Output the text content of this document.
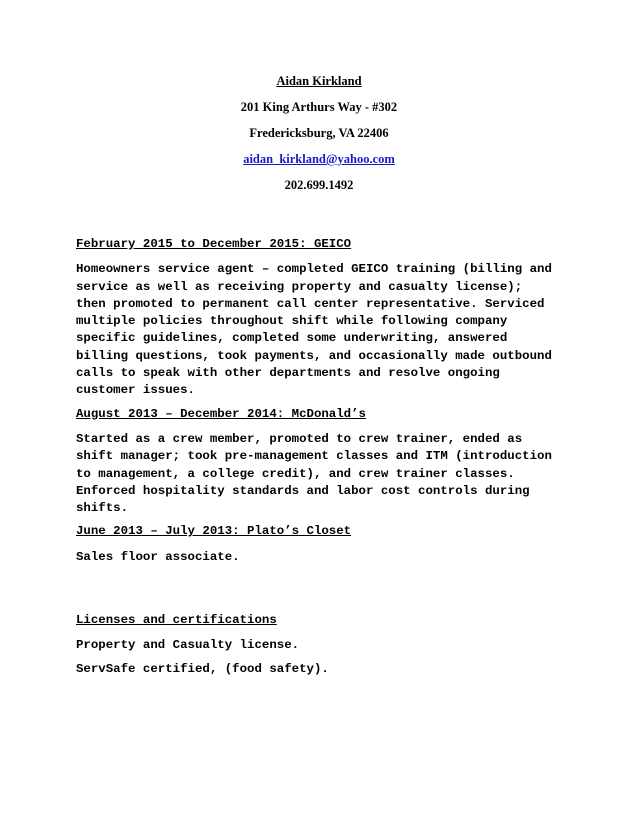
Aidan Kirkland
201 King Arthurs Way - #302
Fredericksburg, VA 22406
aidan_kirkland@yahoo.com
202.699.1492
February 2015 to December 2015: GEICO
Homeowners service agent – completed GEICO training (billing and
service as well as receiving property and casualty license);
then promoted to permanent call center representative. Serviced
multiple policies throughout shift while following company
specific guidelines, completed some underwriting, answered
billing questions, took payments, and occasionally made outbound
calls to speak with other departments and resolve ongoing
customer issues.
August 2013 – December 2014: McDonald’s
Started as a crew member, promoted to crew trainer, ended as
shift manager; took pre-management classes and ITM (introduction
to management, a college credit), and crew trainer classes.
Enforced hospitality standards and labor cost controls during
shifts.
June 2013 – July 2013: Plato’s Closet
Sales floor associate.
Licenses and certifications
Property and Casualty license.
ServSafe certified, (food safety).
